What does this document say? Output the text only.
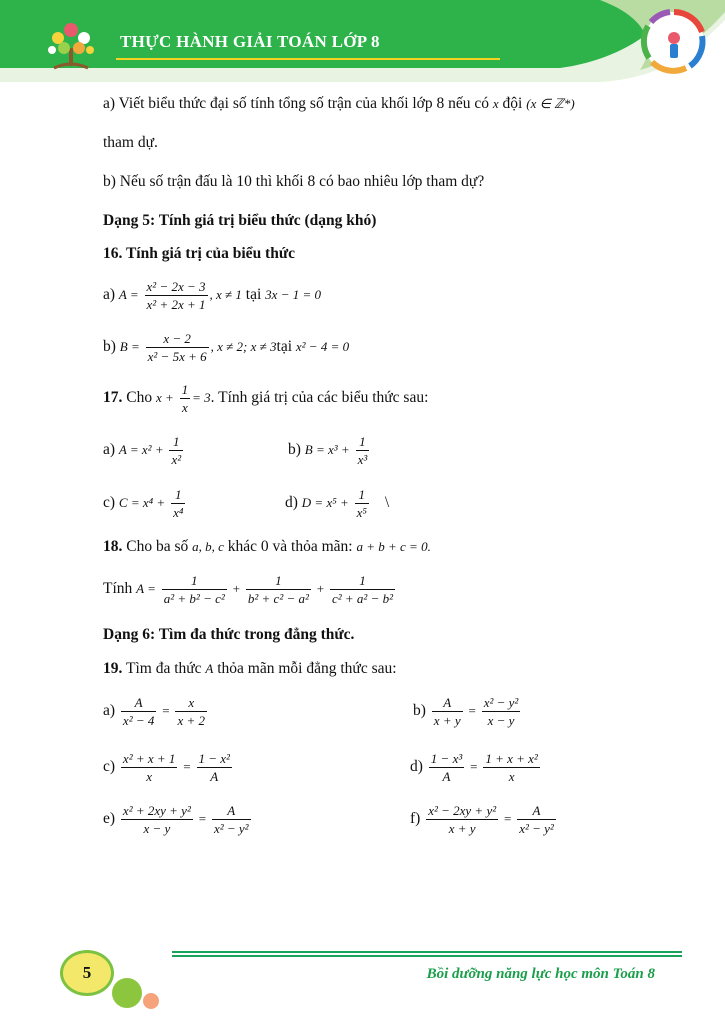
THỰC HÀNH GIẢI TOÁN LỚP 8
a) Viết biểu thức đại số tính tổng số trận của khối lớp 8 nếu có x đội (x ∈ ℤ*)
tham dự.
b) Nếu số trận đấu là 10 thì khối 8 có bao nhiêu lớp tham dự?
Dạng 5: Tính giá trị biểu thức (dạng khó)
16. Tính giá trị của biểu thức
a) $A = \frac{\text{x² − 2x − 3}}{\text{x² + 2x + 1}}$ , x ≠ 1 tại 3x − 1 = 0
b) $B = \frac{x - 2}{\text{x² − 5x + 6}}$ , x ≠ 2; x ≠ 3tại x² − 4 = 0
17. Cho $x + \frac{1}{x} = 3$. Tính giá trị của các biểu thức sau:
a) $A = x^2 + \frac{1}{\text{x²}}$	b) $B = x^3 + \frac{1}{\text{x³}}$
c) $C = x^4 + \frac{1}{\text{x⁴}}$	d) $D = x^5 + \frac{1}{\text{x⁵}}$ \
18. Cho ba số a, b, c khác 0 và thỏa mãn: a + b + c = 0.
Tính $A = \frac{1}{\text{a² + b² − c²}} + \frac{1}{\text{b² + c² − a²}} + \frac{1}{\text{c² + a² − b²}}$
Dạng 6: Tìm đa thức trong đẳng thức.
19. Tìm đa thức A thỏa mãn mỗi đẳng thức sau:
$a) \frac{A}{\text{x² − 4}} = \frac{x}{x + 2}$	$b) \frac{A}{x + y} = \frac{\text{x² − y²}}{x - y}$
$c) \frac{\text{x² + x + 1}}{x} = \frac{\text{1 − x²}}{A}$	$d) \frac{\text{1 − x³}}{A} = \frac{\text{1 + x + x²}}{x}$
$e) \frac{\text{x² + 2xy + y²}}{x - y} = \frac{A}{\text{x² − y²}}$	$f) \frac{\text{x² − 2xy + y²}}{x + y} = \frac{A}{\text{x² − y²}}$
5	Bồi dưỡng năng lực học môn Toán 8
